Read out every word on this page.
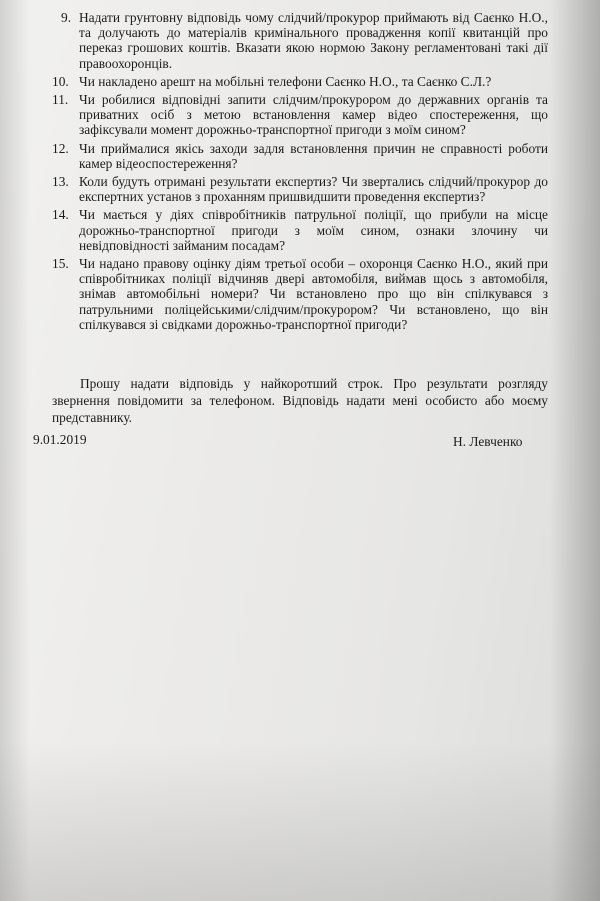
9. Надати грунтовну відповідь чому слідчий/прокурор приймають від Саєнко Н.О., та долучають до матеріалів кримінального провадження копії квитанцій про переказ грошових коштів. Вказати якою нормою Закону регламентовані такі дії правоохоронців.
10. Чи накладено арешт на мобільні телефони Саєнко Н.О., та Саєнко С.Л.?
11. Чи робилися відповідні запити слідчим/прокурором до державних органів та приватних осіб з метою встановлення камер відео спостереження, що зафіксували момент дорожньо-транспортної пригоди з моїм сином?
12. Чи приймалися якісь заходи задля встановлення причин не справності роботи камер відеоспостереження?
13. Коли будуть отримані результати експертиз? Чи звертались слідчий/прокурор до експертних установ з проханням пришвидшити проведення експертиз?
14. Чи мається у діях співробітників патрульної поліції, що прибули на місце дорожньо-транспортної пригоди з моїм сином, ознаки злочину чи невідповідності займаним посадам?
15. Чи надано правову оцінку діям третьої особи – охоронця Саєнко Н.О., який при співробітниках поліції відчиняв двері автомобіля, виймав щось з автомобіля, знімав автомобільні номери? Чи встановлено про що він спілкувався з патрульними поліцейськими/слідчим/прокурором? Чи встановлено, що він спілкувався зі свідками дорожньо-транспортної пригоди?

Прошу надати відповідь у найкоротший строк. Про результати розгляду звернення повідомити за телефоном. Відповідь надати мені особисто або моєму представнику.

9.01.2019	Н. Левченко
